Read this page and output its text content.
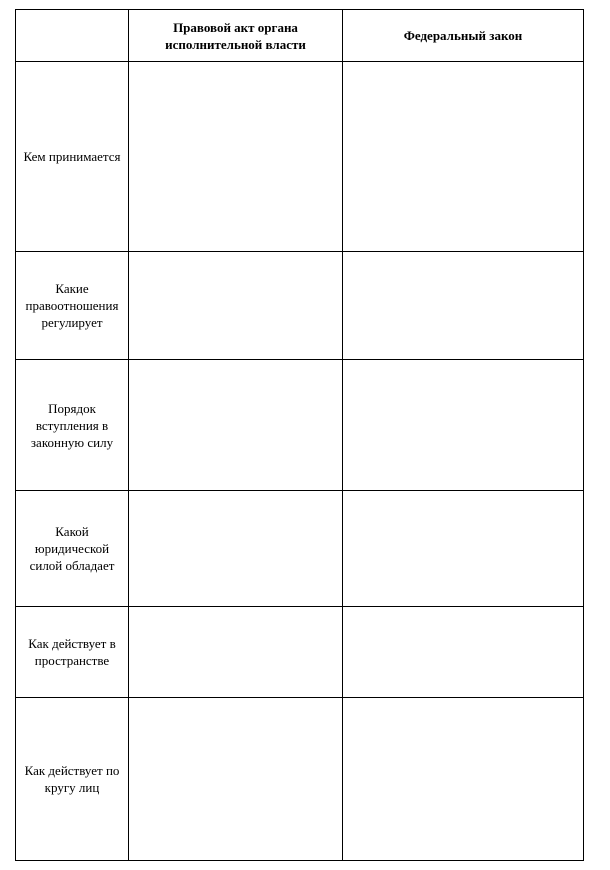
	Правовой акт органа исполнительной власти	Федеральный закон
Кем принимается		
Какие правоотношения регулирует		
Порядок вступления в законную силу		
Какой юридической силой обладает		
Как действует в пространстве		
Как действует по кругу лиц		
